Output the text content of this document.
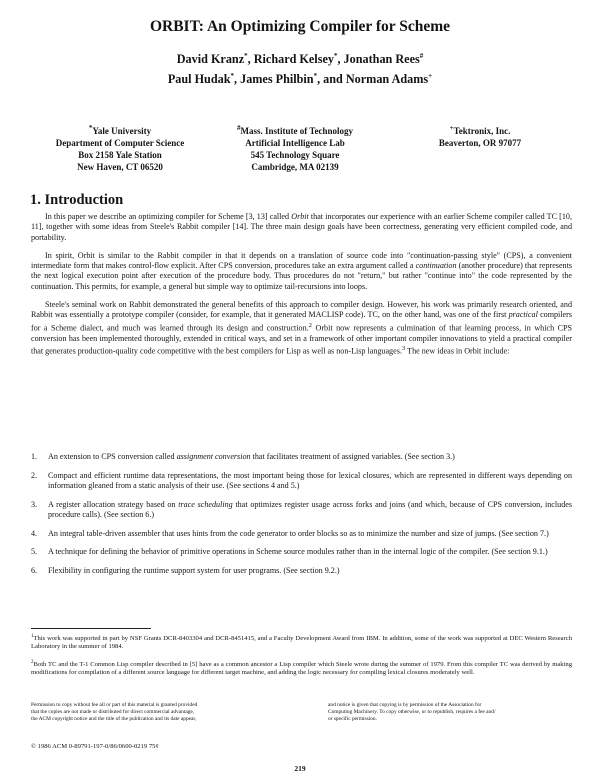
ORBIT: An Optimizing Compiler for Scheme
David Kranz*, Richard Kelsey*, Jonathan Rees#
Paul Hudak*, James Philbin*, and Norman Adams+
*Yale University
Department of Computer Science
Box 2158 Yale Station
New Haven, CT 06520
#Mass. Institute of Technology
Artificial Intelligence Lab
545 Technology Square
Cambridge, MA 02139
+Tektronix, Inc.
Beaverton, OR 97077
1. Introduction

In this paper we describe an optimizing compiler for Scheme [3, 13] called Orbit that incorporates our experience with an earlier Scheme compiler called TC [10, 11], together with some ideas from Steele's Rabbit compiler [14]. The three main design goals have been correctness, generating very efficient compiled code, and portability.

In spirit, Orbit is similar to the Rabbit compiler in that it depends on a translation of source code into "continuation-passing style" (CPS), a convenient intermediate form that makes control-flow explicit. After CPS conversion, procedures take an extra argument called a continuation (another procedure) that represents the next logical execution point after execution of the procedure body. Thus procedures do not "return," but rather "continue into" the code represented by the continuation. This permits, for example, a general but simple way to optimize tail-recursions into loops.

Steele's seminal work on Rabbit demonstrated the general benefits of this approach to compiler design. However, his work was primarily research oriented, and Rabbit was essentially a prototype compiler (consider, for example, that it generated MACLISP code). TC, on the other hand, was one of the first practical compilers for a Scheme dialect, and much was learned through its design and construction.$^2$ Orbit now represents a culmination of that learning process, in which CPS conversion has been implemented thoroughly, extended in critical ways, and set in a framework of other important compiler innovations to yield a practical compiler that generates production-quality code competitive with the best compilers for Lisp as well as non-Lisp languages.$^3$ The new ideas in Orbit include:

1. An extension to CPS conversion called assignment conversion that facilitates treatment of assigned variables. (See section 3.)
2. Compact and efficient runtime data representations, the most important being those for lexical closures, which are represented in different ways depending on information gleaned from a static analysis of their use. (See sections 4 and 5.)
3. A register allocation strategy based on trace scheduling that optimizes register usage across forks and joins (and which, because of CPS conversion, includes procedure calls). (See section 6.)
4. An integral table-driven assembler that uses hints from the code generator to order blocks so as to minimize the number and size of jumps. (See section 7.)
5. A technique for defining the behavior of primitive operations in Scheme source modules rather than in the internal logic of the compiler. (See section 9.1.)
6. Flexibility in configuring the runtime support system for user programs. (See section 9.2.)
$^1$This work was supported in part by NSF Grants DCR-8403304 and DCR-8451415, and a Faculty Development Award from IBM. In addition, some of the work was supported at DEC Western Research Laboratory in the summer of 1984.
$^2$Both TC and the T-1 Common Lisp compiler described in [5] have as a common ancestor a Lisp compiler which Steele wrote during the summer of 1979. From this compiler TC was derived by making modifications for compilation of a different source language for different target machine, and adding the logic necessary for compiling lexical closures moderately well.
Permission to copy without fee all or part of this material is granted provided
that the copies are not made or distributed for direct commercial advantage,
the ACM copyright notice and the title of the publication and its date appear,
and notice is given that copying is by permission of the Association for
Computing Machinery. To copy otherwise, or to republish, requires a fee and/
or specific permission.
© 1986 ACM 0-89791-197-0/86/0600-0219 75¢
219
